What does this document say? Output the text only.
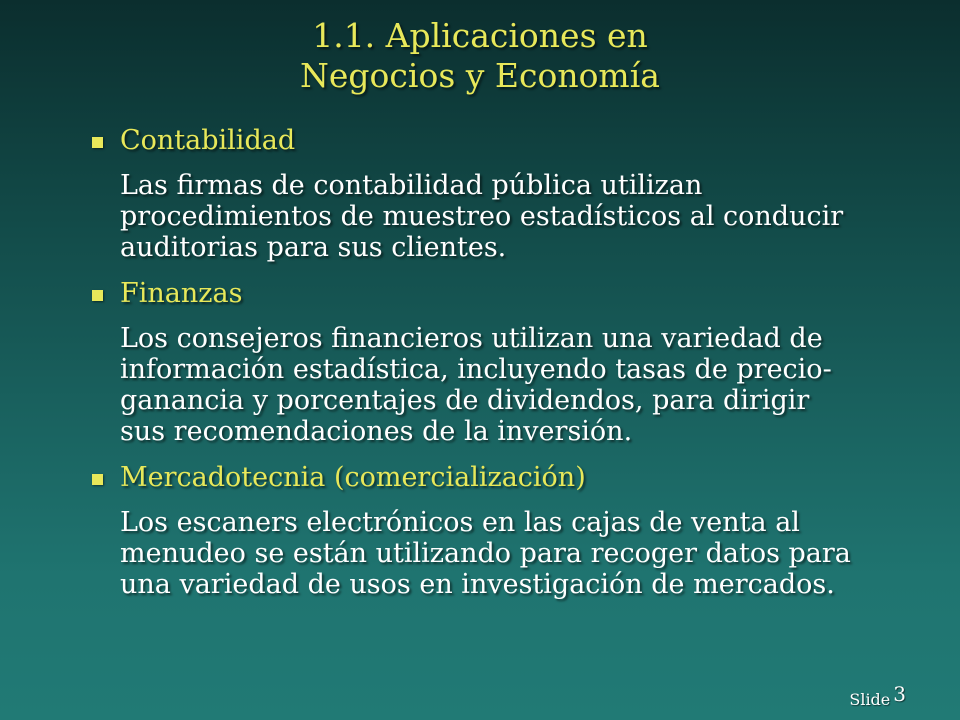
1.1. Aplicaciones en
Negocios y Economía
Contabilidad
Las firmas de contabilidad pública utilizan
procedimientos de muestreo estadísticos al conducir
auditorias para sus clientes.
Finanzas
Los consejeros financieros utilizan una variedad de
información estadística, incluyendo tasas de precio-
ganancia y porcentajes de dividendos, para dirigir
sus recomendaciones de la inversión.
Mercadotecnia (comercialización)
Los escaners electrónicos en las cajas de venta al
menudeo se están utilizando para recoger datos para
una variedad de usos en investigación de mercados.
Slide 3
